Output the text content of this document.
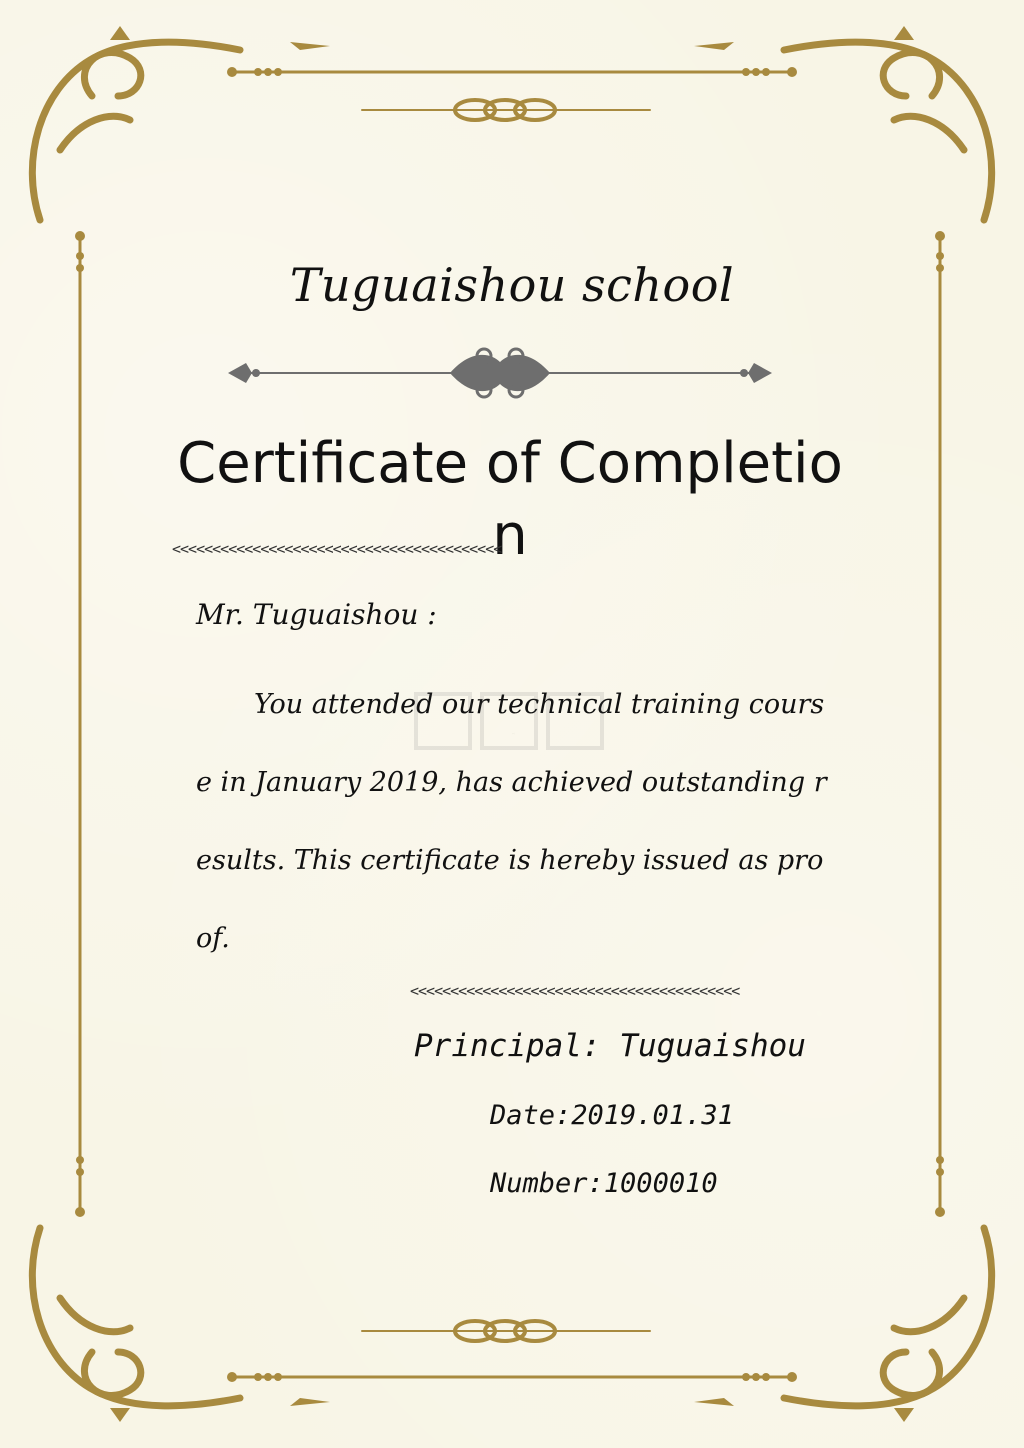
Tuguaishou school
Certificate of Completion
<<<<<<<<<<<<<<<<<<<<<<<<<<<<<<<<<<<<<<<<<
Mr. Tuguaishou :
You attended our technical training course in January 2019, has achieved outstanding results. This certificate is hereby issued as proof.
图怪兽
<<<<<<<<<<<<<<<<<<<<<<<<<<<<<<<<<<<<<<<<<
Principal: Tuguaishou
Date:2019.01.31
Number:1000010
